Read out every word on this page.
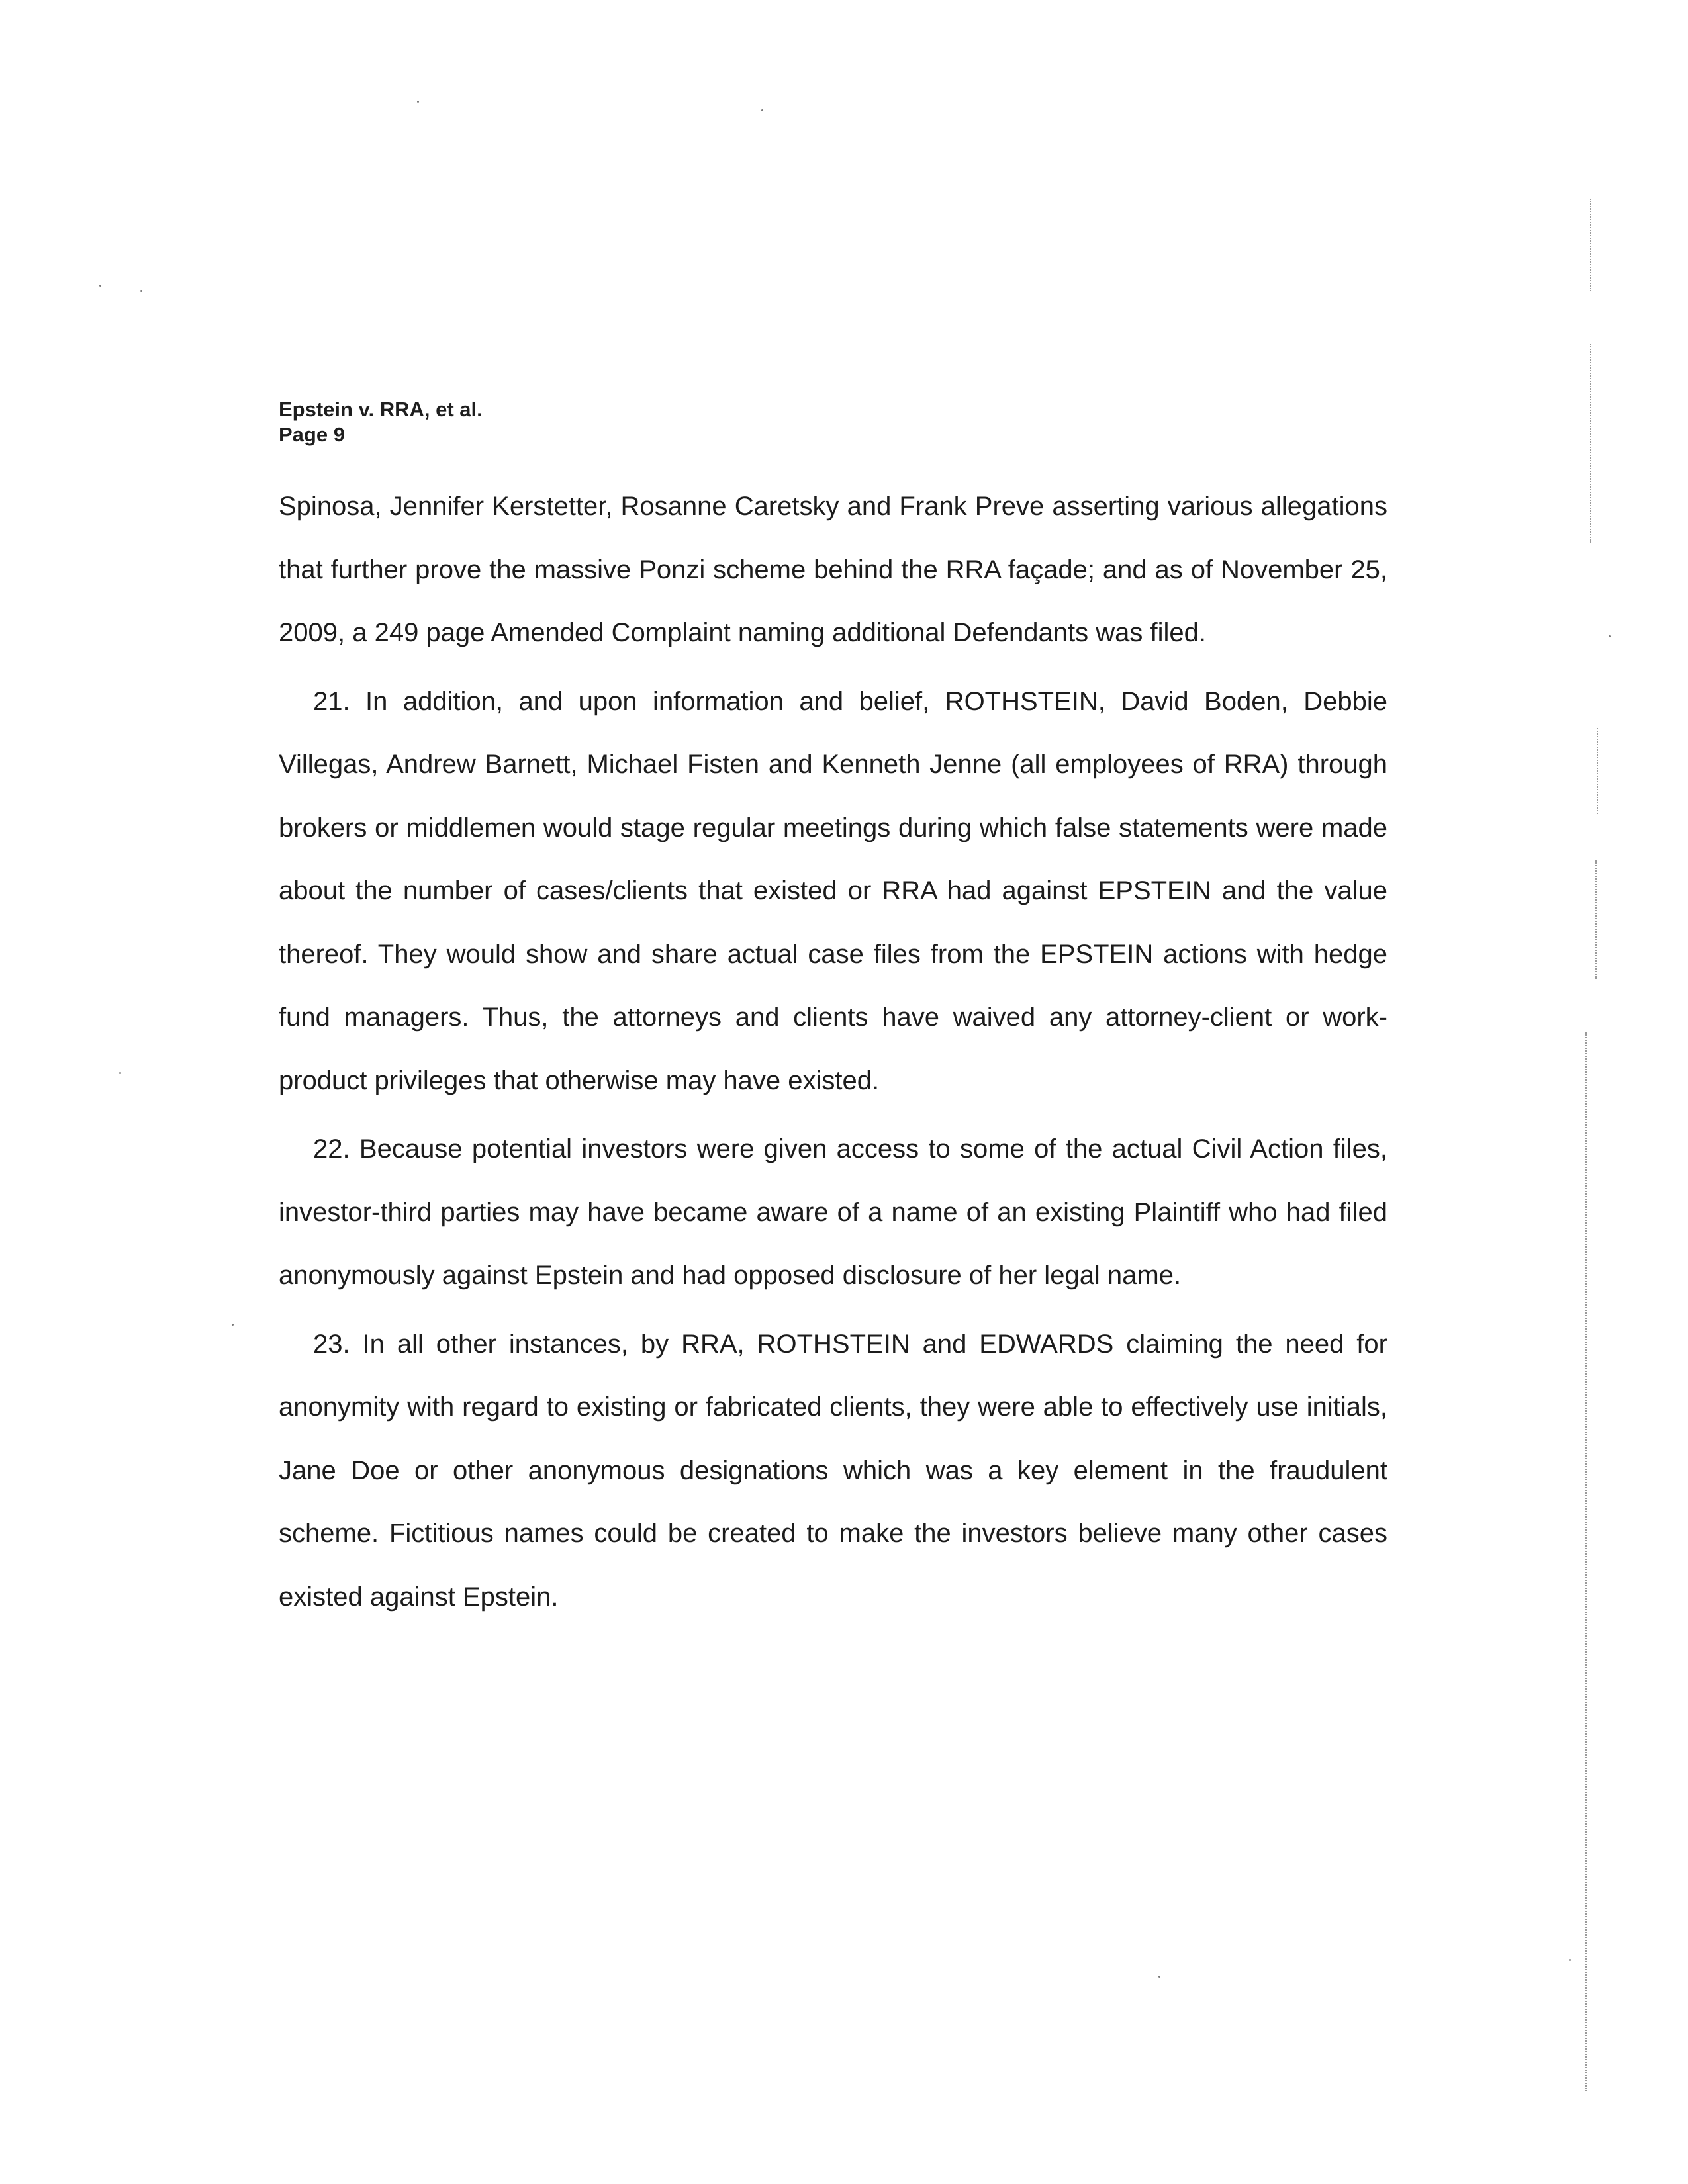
Epstein v. RRA, et al.
Page 9

Spinosa, Jennifer Kerstetter, Rosanne Caretsky and Frank Preve asserting various allegations that further prove the massive Ponzi scheme behind the RRA façade; and as of November 25, 2009, a 249 page Amended Complaint naming additional Defendants was filed.

21. In addition, and upon information and belief, ROTHSTEIN, David Boden, Debbie Villegas, Andrew Barnett, Michael Fisten and Kenneth Jenne (all employees of RRA) through brokers or middlemen would stage regular meetings during which false statements were made about the number of cases/clients that existed or RRA had against EPSTEIN and the value thereof. They would show and share actual case files from the EPSTEIN actions with hedge fund managers. Thus, the attorneys and clients have waived any attorney-client or work- product privileges that otherwise may have existed.

22. Because potential investors were given access to some of the actual Civil Action files, investor-third parties may have became aware of a name of an existing Plaintiff who had filed anonymously against Epstein and had opposed disclosure of her legal name.

23. In all other instances, by RRA, ROTHSTEIN and EDWARDS claiming the need for anonymity with regard to existing or fabricated clients, they were able to effectively use initials, Jane Doe or other anonymous designations which was a key element in the fraudulent scheme. Fictitious names could be created to make the investors believe many other cases existed against Epstein.
